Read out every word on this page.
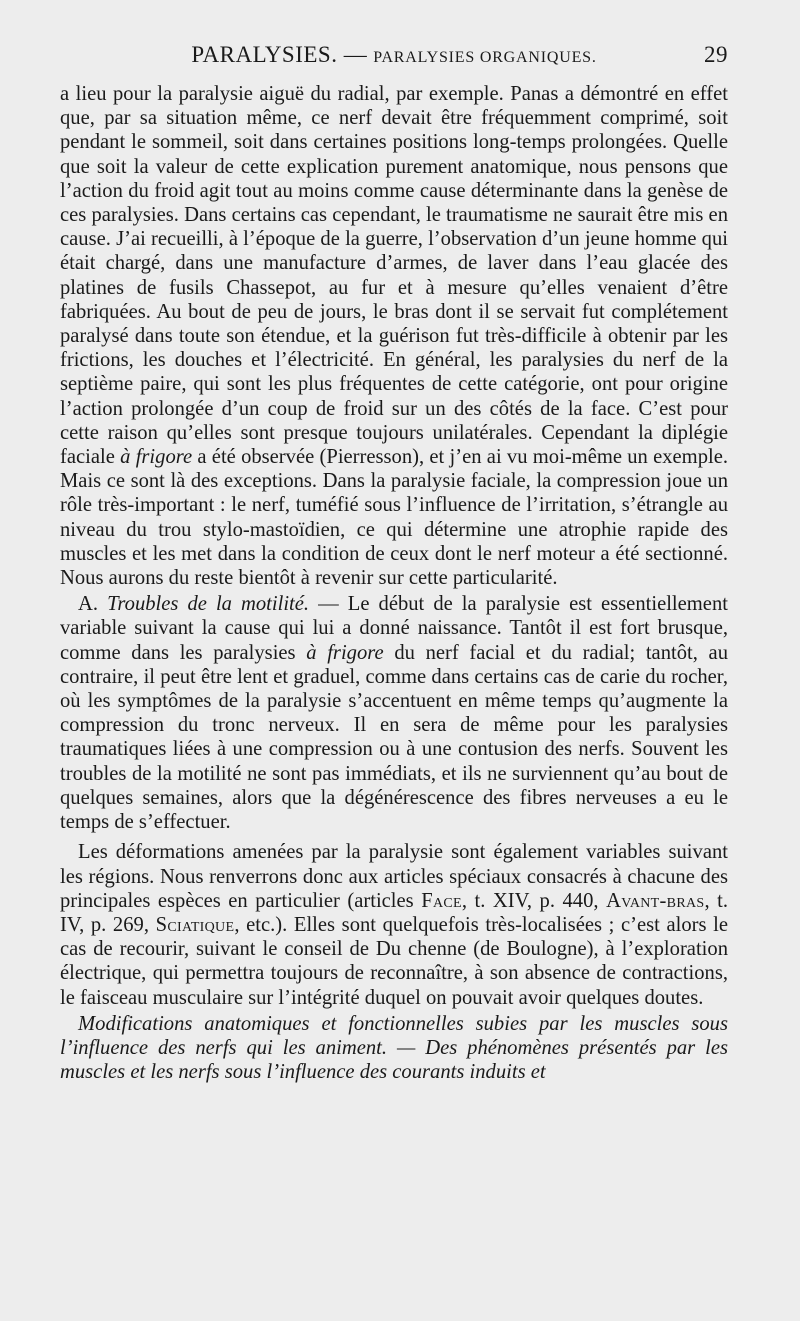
PARALYSIES. — PARALYSIES ORGANIQUES.	29

a lieu pour la paralysie aiguë du radial, par exemple. Panas a démontré en effet que, par sa situation même, ce nerf devait être fréquemment comprimé, soit pendant le sommeil, soit dans certaines positions long-temps prolongées. Quelle que soit la valeur de cette explication purement anatomique, nous pensons que l’action du froid agit tout au moins comme cause déterminante dans la genèse de ces paralysies. Dans certains cas cependant, le traumatisme ne saurait être mis en cause. J’ai recueilli, à l’époque de la guerre, l’observation d’un jeune homme qui était chargé, dans une manufacture d’armes, de laver dans l’eau glacée des platines de fusils Chassepot, au fur et à mesure qu’elles venaient d’être fabriquées. Au bout de peu de jours, le bras dont il se servait fut complétement paralysé dans toute son étendue, et la guérison fut très-difficile à obtenir par les frictions, les douches et l’électricité. En général, les paralysies du nerf de la septième paire, qui sont les plus fréquentes de cette catégorie, ont pour origine l’action prolongée d’un coup de froid sur un des côtés de la face. C’est pour cette raison qu’elles sont presque toujours unilatérales. Cependant la diplégie faciale à frigore a été observée (Pierresson), et j’en ai vu moi-même un exemple. Mais ce sont là des exceptions. Dans la paralysie faciale, la compression joue un rôle très-important : le nerf, tuméfié sous l’influence de l’irritation, s’étrangle au niveau du trou stylo-mastoïdien, ce qui détermine une atrophie rapide des muscles et les met dans la condition de ceux dont le nerf moteur a été sectionné. Nous aurons du reste bientôt à revenir sur cette particularité.

A. Troubles de la motilité. — Le début de la paralysie est essentiellement variable suivant la cause qui lui a donné naissance. Tantôt il est fort brusque, comme dans les paralysies à frigore du nerf facial et du radial; tantôt, au contraire, il peut être lent et graduel, comme dans certains cas de carie du rocher, où les symptômes de la paralysie s’accentuent en même temps qu’augmente la compression du tronc nerveux. Il en sera de même pour les paralysies traumatiques liées à une compression ou à une contusion des nerfs. Souvent les troubles de la motilité ne sont pas immédiats, et ils ne surviennent qu’au bout de quelques semaines, alors que la dégénérescence des fibres nerveuses a eu le temps de s’effectuer.

Les déformations amenées par la paralysie sont également variables suivant les régions. Nous renverrons donc aux articles spéciaux consacrés à chacune des principales espèces en particulier (articles Face, t. XIV, p. 440, Avant-bras, t. IV, p. 269, Sciatique, etc.). Elles sont quelquefois très-localisées ; c’est alors le cas de recourir, suivant le conseil de Du chenne (de Boulogne), à l’exploration électrique, qui permettra toujours de reconnaître, à son absence de contractions, le faisceau musculaire sur l’intégrité duquel on pouvait avoir quelques doutes.

Modifications anatomiques et fonctionnelles subies par les muscles sous l’influence des nerfs qui les animent. — Des phénomènes présentés par les muscles et les nerfs sous l’influence des courants induits et
